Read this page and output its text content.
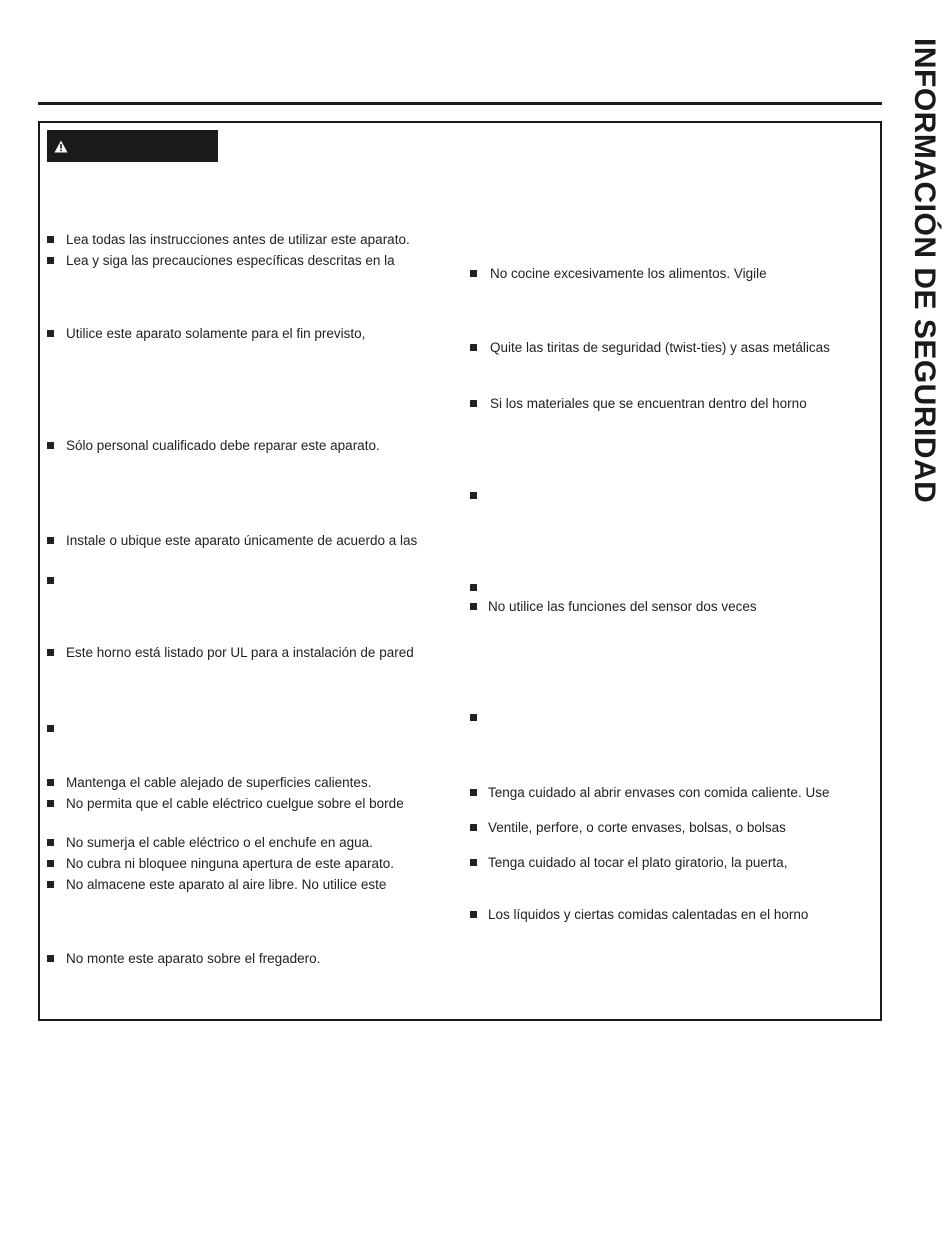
INFORMACIÓN DE SEGURIDAD
Lea todas las instrucciones antes de utilizar este aparato.
Lea y siga las precauciones específicas descritas en la
Utilice este aparato solamente para el fin previsto,
Sólo personal cualificado debe reparar este aparato.
Instale o ubique este aparato únicamente de acuerdo a las
Este horno está listado por UL para a instalación de pared
Mantenga el cable alejado de superficies calientes.
No permita que el cable eléctrico cuelgue sobre el borde
No sumerja el cable eléctrico o el enchufe en agua.
No cubra ni bloquee ninguna apertura de este aparato.
No almacene este aparato al aire libre. No utilice este
No monte este aparato sobre el fregadero.
No cocine excesivamente los alimentos. Vigile
Quite las tiritas de seguridad (twist-ties) y asas metálicas
Si los materiales que se encuentran dentro del horno
No utilice las funciones del sensor dos veces
Tenga cuidado al abrir envases con comida caliente. Use
Ventile, perfore, o corte envases, bolsas, o bolsas
Tenga cuidado al tocar el plato giratorio, la puerta,
Los líquidos y ciertas comidas calentadas en el horno
